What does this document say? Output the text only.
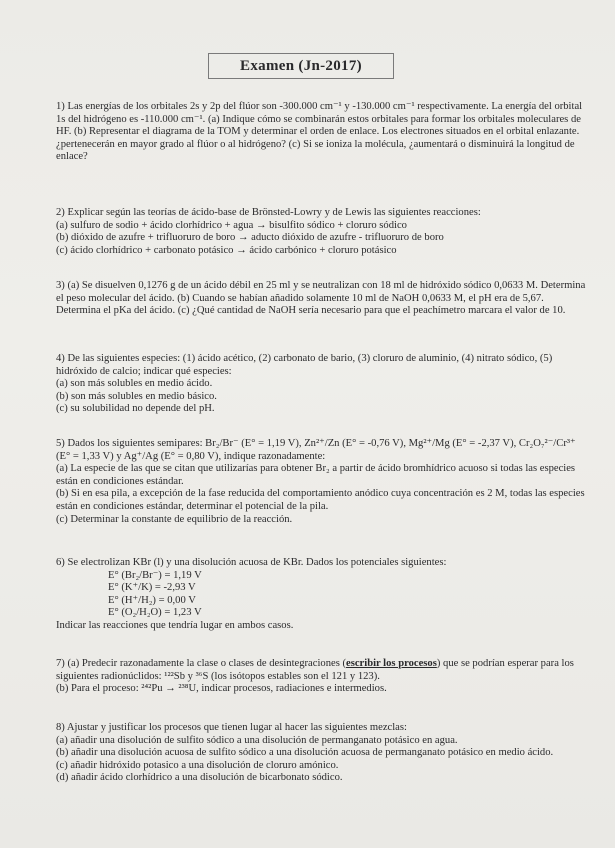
Examen (Jn-2017)

1) Las energías de los orbitales 2s y 2p del flúor son -300.000 cm⁻¹ y -130.000 cm⁻¹ respectivamente. La energía del orbital 1s del hidrógeno es -110.000 cm⁻¹. (a) Indique cómo se combinarán estos orbitales para formar los orbitales moleculares de HF. (b) Representar el diagrama de la TOM y determinar el orden de enlace. Los electrones situados en el orbital enlazante. ¿pertenecerán en mayor grado al flúor o al hidrógeno? (c) Si se ioniza la molécula, ¿aumentará o disminuirá la longitud de enlace?

2) Explicar según las teorías de ácido-base de Brönsted-Lowry y de Lewis las siguientes reacciones:

(a) sulfuro de sodio + ácido clorhídrico + agua → bisulfito sódico + cloruro sódico

(b) dióxido de azufre + trifluoruro de boro → aducto dióxido de azufre - trifluoruro de boro

(c) ácido clorhídrico + carbonato potásico → ácido carbónico + cloruro potásico

3) (a) Se disuelven 0,1276 g de un ácido débil en 25 ml y se neutralizan con 18 ml de hidróxido sódico 0,0633 M. Determina el peso molecular del ácido. (b) Cuando se habían añadido solamente 10 ml de NaOH 0,0633 M, el pH era de 5,67. Determina el pKa del ácido. (c) ¿Qué cantidad de NaOH sería necesario para que el peachímetro marcara el valor de 10.

4) De las siguientes especies: (1) ácido acético, (2) carbonato de bario, (3) cloruro de aluminio, (4) nitrato sódico, (5) hidróxido de calcio; indicar qué especies:

(a) son más solubles en medio ácido.

(b) son más solubles en medio básico.

(c) su solubilidad no depende del pH.

5) Dados los siguientes semipares: Br₂/Br⁻ (E° = 1,19 V), Zn²⁺/Zn (E° = -0,76 V), Mg²⁺/Mg (E° = -2,37 V), Cr₂O₇²⁻/Cr³⁺ (E° = 1,33 V) y Ag⁺/Ag (E° = 0,80 V), indique razonadamente:

(a) La especie de las que se citan que utilizarías para obtener Br₂ a partir de ácido bromhídrico acuoso si todas las especies están en condiciones estándar.

(b) Si en esa pila, a excepción de la fase reducida del comportamiento anódico cuya concentración es 2 M, todas las especies están en condiciones estándar, determinar el potencial de la pila.

(c) Determinar la constante de equilibrio de la reacción.

6) Se electrolizan KBr (l) y una disolución acuosa de KBr. Dados los potenciales siguientes:

E° (Br₂/Br⁻) = 1,19 V

E° (K⁺/K) = -2,93 V

E° (H⁺/H₂) = 0,00 V

E° (O₂/H₂O) = 1,23 V

Indicar las reacciones que tendría lugar en ambos casos.

7) (a) Predecir razonadamente la clase o clases de desintegraciones (escribir los procesos) que se podrían esperar para los siguientes radionúclidos: ¹²²Sb y ³⁶S (los isótopos estables son el 121 y 123).

(b) Para el proceso: ²⁴²Pu → ²³⁸U, indicar procesos, radiaciones e intermedios.

8) Ajustar y justificar los procesos que tienen lugar al hacer las siguientes mezclas:

(a) añadir una disolución de sulfito sódico a una disolución de permanganato potásico en agua.

(b) añadir una disolución acuosa de sulfito sódico a una disolución acuosa de permanganato potásico en medio ácido.

(c) añadir hidróxido potasico a una disolución de cloruro amónico.

(d) añadir ácido clorhídrico a una disolución de bicarbonato sódico.
